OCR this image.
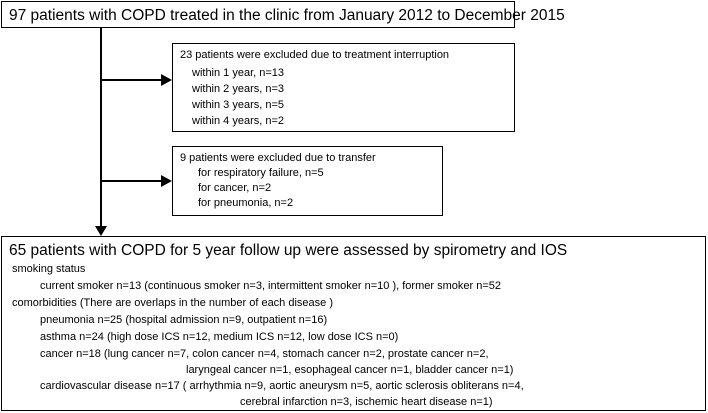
97 patients with COPD treated in the clinic from January 2012 to December 2015
23 patients were excluded due to treatment interruption
within 1 year, n=13
within 2 years, n=3
within 3 years, n=5
within 4 years, n=2
9 patients were excluded due to transfer
for respiratory failure, n=5
for cancer, n=2
for pneumonia, n=2
65 patients with COPD for 5 year follow up were assessed by spirometry and IOS
smoking status
current smoker n=13 (continuous smoker n=3, intermittent smoker n=10 ), former smoker n=52
comorbidities (There are overlaps in the number of each disease )
pneumonia n=25 (hospital admission n=9, outpatient n=16)
asthma n=24 (high dose ICS n=12, medium ICS n=12, low dose ICS n=0)
cancer n=18 (lung cancer n=7, colon cancer n=4, stomach cancer n=2, prostate cancer n=2,
laryngeal cancer n=1, esophageal cancer n=1, bladder cancer n=1)
cardiovascular disease n=17 ( arrhythmia n=9, aortic aneurysm n=5, aortic sclerosis obliterans n=4,
cerebral infarction n=3, ischemic heart disease n=1)
